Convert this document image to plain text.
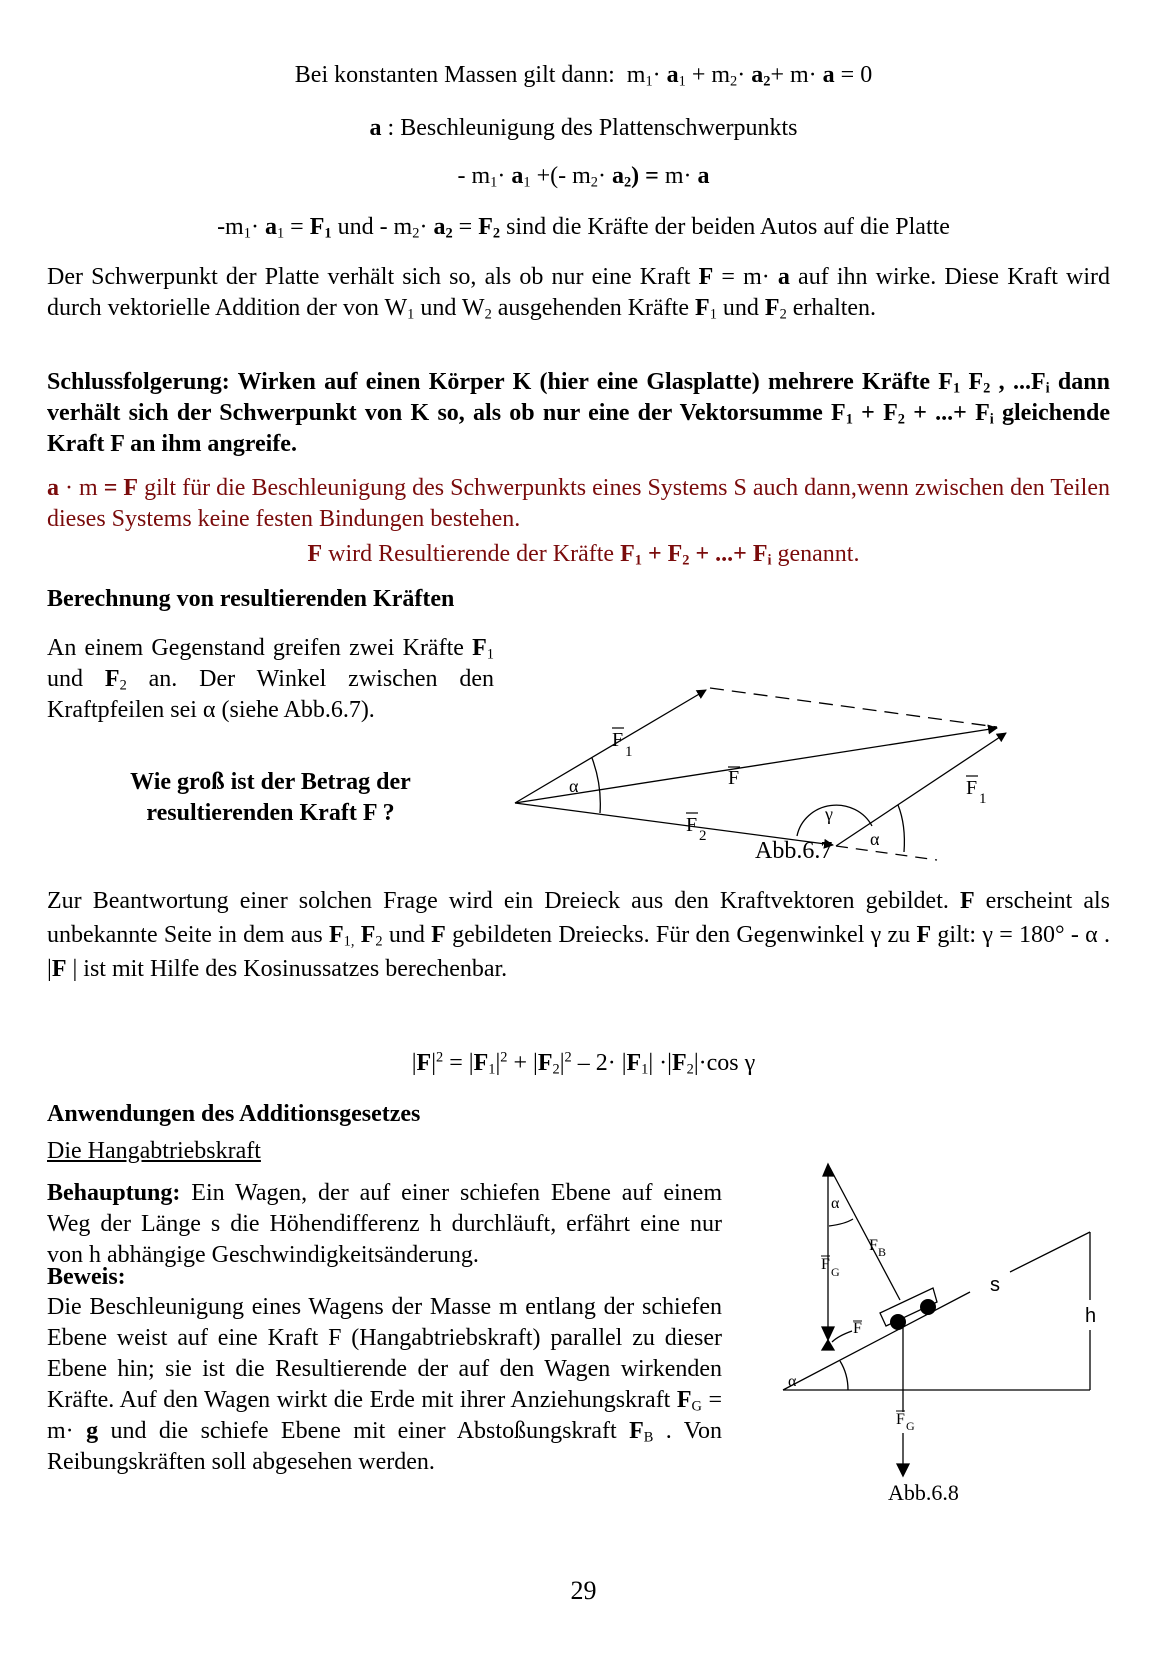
Bei konstanten Massen gilt dann: $m_1\cdot a_1 + m_2\cdot a_2+ m\cdot a = 0$
a : Beschleunigung des Plattenschwerpunkts
- $m_1\cdot a_1$ +(- $m_2\cdot a_2) = m\cdot a$
$-m_1\cdot a_1 = F_1$ und - $m_2\cdot a_2 = F_2$ sind die Kräfte der beiden Autos auf die Platte
Der Schwerpunkt der Platte verhält sich so, als ob nur eine Kraft F = m· a auf ihn wirke. Diese Kraft wird durch vektorielle Addition der von $W_1$ und $W_2$ ausgehenden Kräfte $F_1$ und $F_2$ erhalten.
Schlussfolgerung: Wirken auf einen Körper K (hier eine Glasplatte) mehrere Kräfte $F_1$ $F_2$ , $...F_i$ dann verhält sich der Schwerpunkt von K so, als ob nur eine der Vektorsumme $F_1 + F_2$ + ...+ $F_i$ gleichende Kraft F an ihm angreife.
a · m = F gilt für die Beschleunigung des Schwerpunkts eines Systems S auch dann,wenn zwischen den Teilen dieses Systems keine festen Bindungen bestehen.
F wird Resultierende der Kräfte $F_1 + F_2$ + ...+ $F_i$ genannt.
Berechnung von resultierenden Kräften
An einem Gegenstand greifen zwei Kräfte $F_1$ und $F_2$ an. Der Winkel zwischen den Kraftpfeilen sei α (siehe Abb.6.7).
Wie groß ist der Betrag der
resultierenden Kraft F ?
F
1
F
F 2
F 1
α
α
γ
α
F B
F G
F
α
F G
s
h
Abb.6.7
Zur Beantwortung einer solchen Frage wird ein Dreieck aus den Kraftvektoren gebildet. F erscheint als unbekannte Seite in dem aus $F_{1,}$ $F_2$ und F gebildeten Dreiecks. Für den Gegenwinkel γ zu F gilt: γ = 180° - α . |F | ist mit Hilfe des Kosinussatzes berechenbar.
$|F|^2 = |F_1|^2 + |F_2|^2 - 2\cdot |F_1| \cdot|F_2|\cdot\cos$ γ
Anwendungen des Additionsgesetzes
Die Hangabtriebskraft
Behauptung: Ein Wagen, der auf einer schiefen Ebene auf einem Weg der Länge s die Höhendifferenz h durchläuft, erfährt eine nur von h abhängige Geschwindigkeitsänderung.
Beweis:
Die Beschleunigung eines Wagens der Masse m entlang der schiefen Ebene weist auf eine Kraft F (Hangabtriebskraft) parallel zu dieser Ebene hin; sie ist die Resultierende der auf den Wagen wirkenden Kräfte. Auf den Wagen wirkt die Erde mit ihrer Anziehungskraft $F_G = m\cdot g$ und die schiefe Ebene mit einer Abstoßungskraft $F_B$ . Von Reibungskräften soll abgesehen werden.
Abb.6.8
29
